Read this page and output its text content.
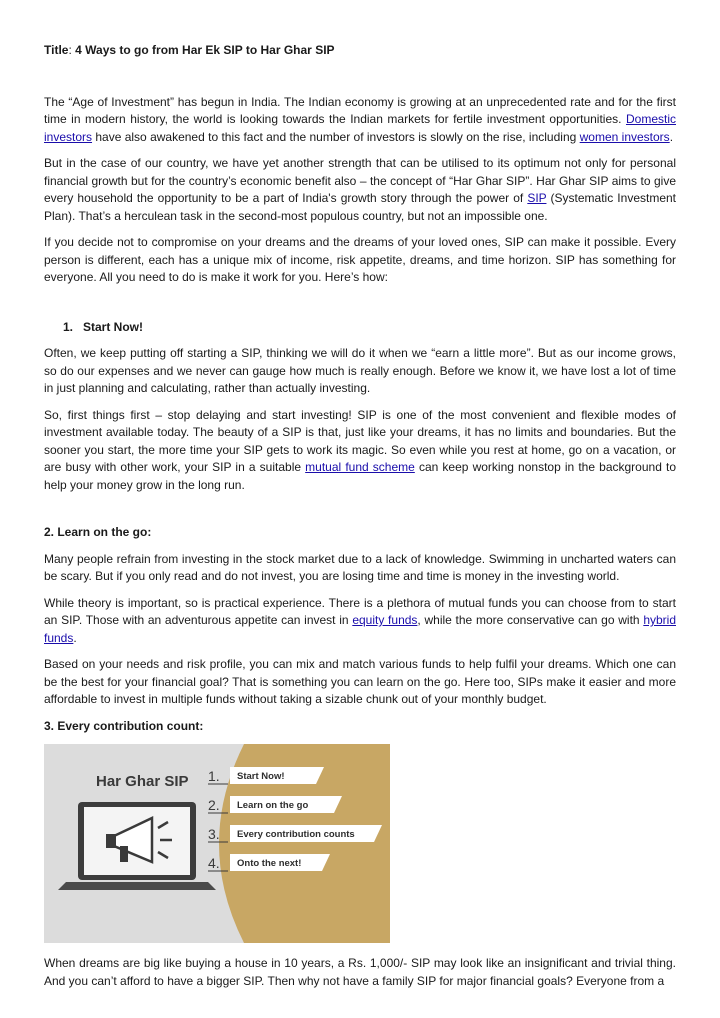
Title: 4 Ways to go from Har Ek SIP to Har Ghar SIP

The “Age of Investment” has begun in India. The Indian economy is growing at an unprecedented rate and for the first time in modern history, the world is looking towards the Indian markets for fertile investment opportunities. Domestic investors have also awakened to this fact and the number of investors is slowly on the rise, including women investors.

But in the case of our country, we have yet another strength that can be utilised to its optimum not only for personal financial growth but for the country’s economic benefit also – the concept of “Har Ghar SIP”. Har Ghar SIP aims to give every household the opportunity to be a part of India's growth story through the power of SIP (Systematic Investment Plan). That’s a herculean task in the second-most populous country, but not an impossible one.

If you decide not to compromise on your dreams and the dreams of your loved ones, SIP can make it possible. Every person is different, each has a unique mix of income, risk appetite, dreams, and time horizon. SIP has something for everyone. All you need to do is make it work for you. Here’s how:

1.   Start Now!

Often, we keep putting off starting a SIP, thinking we will do it when we “earn a little more”. But as our income grows, so do our expenses and we never can gauge how much is really enough. Before we know it, we have lost a lot of time in just planning and calculating, rather than actually investing.

So, first things first – stop delaying and start investing! SIP is one of the most convenient and flexible modes of investment available today. The beauty of a SIP is that, just like your dreams, it has no limits and boundaries. But the sooner you start, the more time your SIP gets to work its magic. So even while you rest at home, go on a vacation, or are busy with other work, your SIP in a suitable mutual fund scheme can keep working nonstop in the background to help your money grow in the long run.

2. Learn on the go:

Many people refrain from investing in the stock market due to a lack of knowledge. Swimming in uncharted waters can be scary. But if you only read and do not invest, you are losing time and time is money in the investing world.

While theory is important, so is practical experience. There is a plethora of mutual funds you can choose from to start an SIP. Those with an adventurous appetite can invest in equity funds, while the more conservative can go with hybrid funds.

Based on your needs and risk profile, you can mix and match various funds to help fulfil your dreams. Which one can be the best for your financial goal? That is something you can learn on the go. Here too, SIPs make it easier and more affordable to invest in multiple funds without taking a sizable chunk out of your monthly budget.

3. Every contribution count:
Har Ghar SIP 1. Start Now!
2. Learn on the go
3. Every contribution counts
4. Onto the next!

When dreams are big like buying a house in 10 years, a Rs. 1,000/- SIP may look like an insignificant and trivial thing. And you can’t afford to have a bigger SIP. Then why not have a family SIP for major financial goals? Everyone from a
